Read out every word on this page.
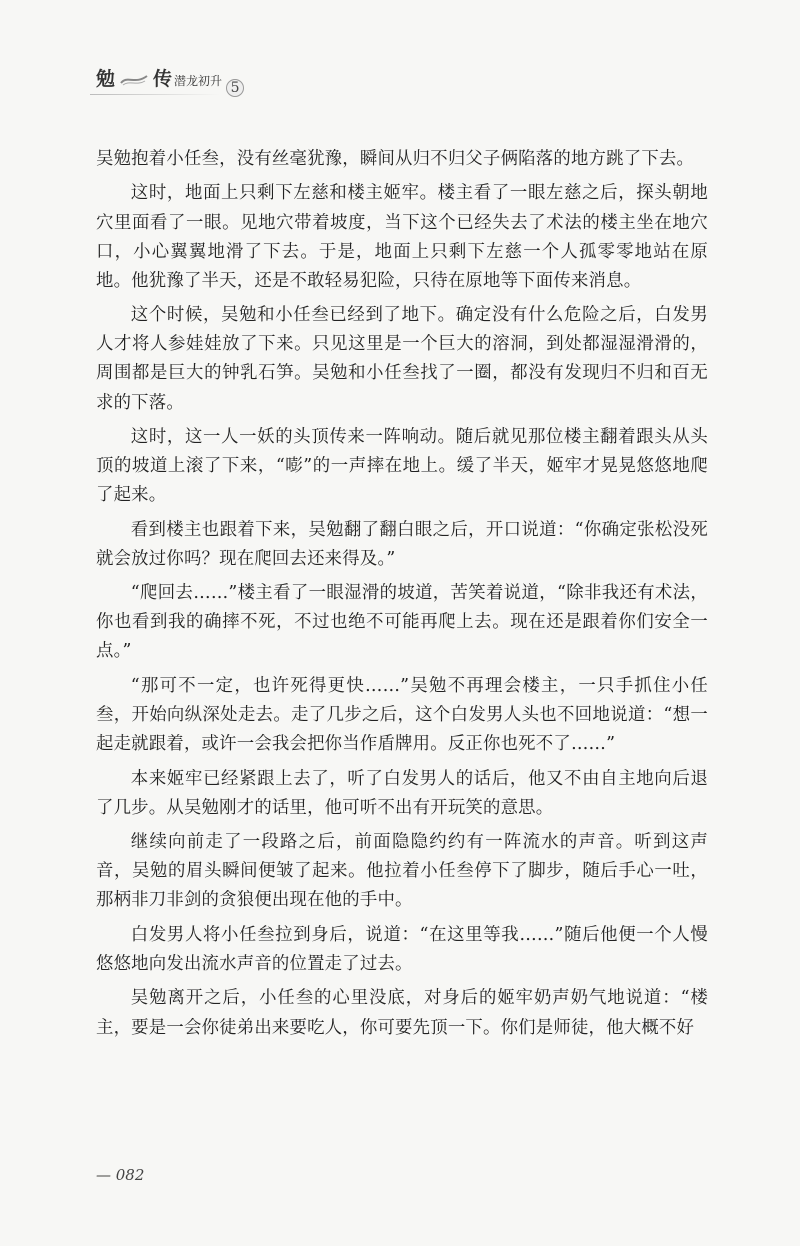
勉 传 潜龙初升 5

吴勉抱着小任叁，没有丝毫犹豫，瞬间从归不归父子俩陷落的地方跳了下去。

这时，地面上只剩下左慈和楼主姬牢。楼主看了一眼左慈之后，探头朝地穴里面看了一眼。见地穴带着坡度，当下这个已经失去了术法的楼主坐在地穴口，小心翼翼地滑了下去。于是，地面上只剩下左慈一个人孤零零地站在原地。他犹豫了半天，还是不敢轻易犯险，只待在原地等下面传来消息。

这个时候，吴勉和小任叁已经到了地下。确定没有什么危险之后，白发男人才将人参娃娃放了下来。只见这里是一个巨大的溶洞，到处都湿湿滑滑的，周围都是巨大的钟乳石笋。吴勉和小任叁找了一圈，都没有发现归不归和百无求的下落。

这时，这一人一妖的头顶传来一阵响动。随后就见那位楼主翻着跟头从头顶的坡道上滚了下来，“嘭”的一声摔在地上。缓了半天，姬牢才晃晃悠悠地爬了起来。

看到楼主也跟着下来，吴勉翻了翻白眼之后，开口说道：“你确定张松没死就会放过你吗？现在爬回去还来得及。”

“爬回去……”楼主看了一眼湿滑的坡道，苦笑着说道，“除非我还有术法，你也看到我的确摔不死，不过也绝不可能再爬上去。现在还是跟着你们安全一点。”

“那可不一定，也许死得更快……”吴勉不再理会楼主，一只手抓住小任叁，开始向纵深处走去。走了几步之后，这个白发男人头也不回地说道：“想一起走就跟着，或许一会我会把你当作盾牌用。反正你也死不了……”

本来姬牢已经紧跟上去了，听了白发男人的话后，他又不由自主地向后退了几步。从吴勉刚才的话里，他可听不出有开玩笑的意思。

继续向前走了一段路之后，前面隐隐约约有一阵流水的声音。听到这声音，吴勉的眉头瞬间便皱了起来。他拉着小任叁停下了脚步，随后手心一吐，那柄非刀非剑的贪狼便出现在他的手中。

白发男人将小任叁拉到身后，说道：“在这里等我……”随后他便一个人慢悠悠地向发出流水声音的位置走了过去。

吴勉离开之后，小任叁的心里没底，对身后的姬牢奶声奶气地说道：“楼主，要是一会你徒弟出来要吃人，你可要先顶一下。你们是师徒，他大概不好

— 082
